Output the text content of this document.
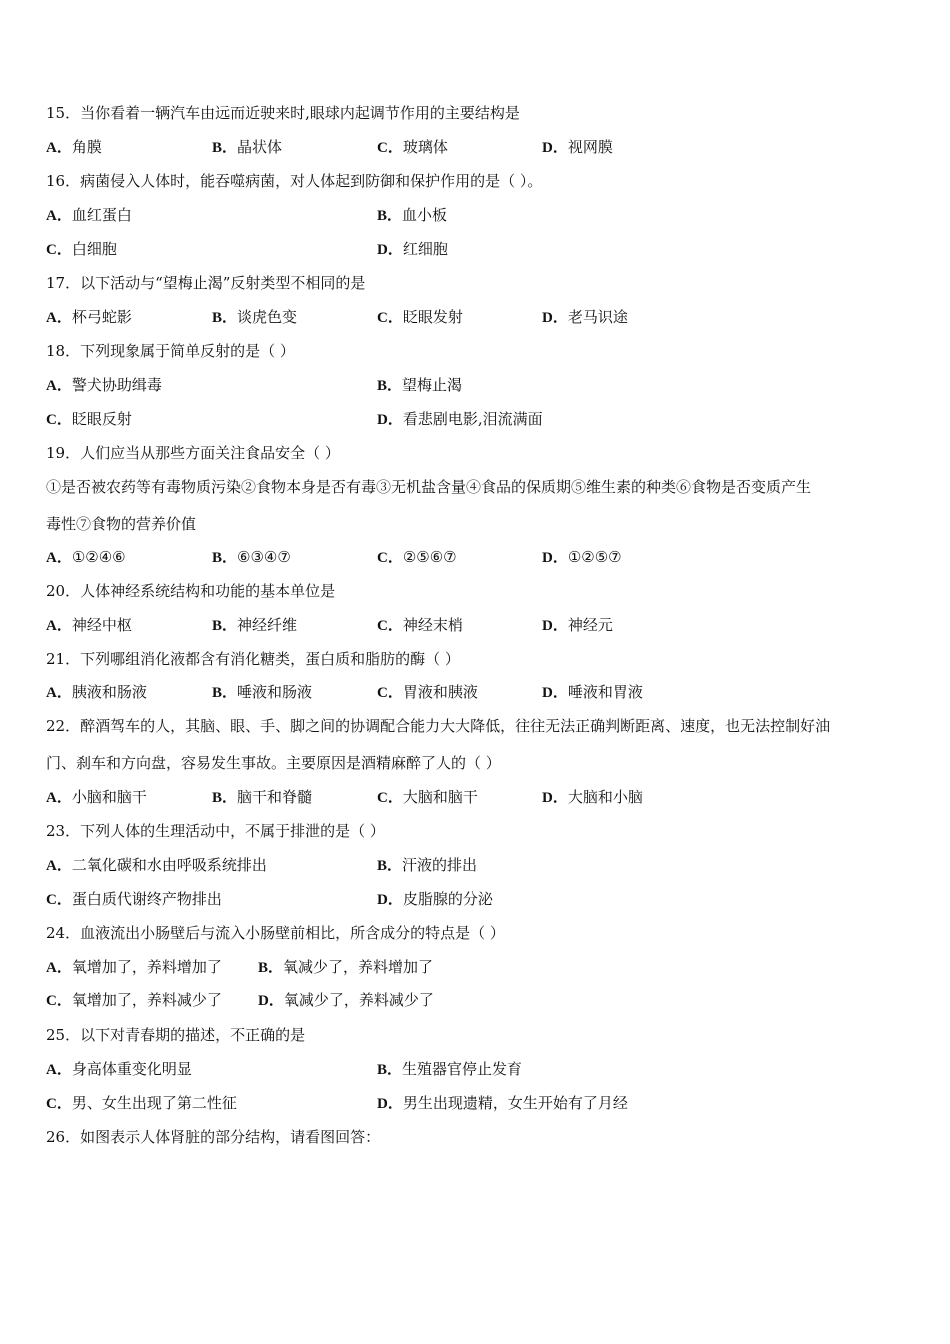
15．当你看着一辆汽车由远而近驶来时,眼球内起调节作用的主要结构是
A．角膜	B．晶状体	C．玻璃体	D．视网膜
16．病菌侵入人体时，能吞噬病菌，对人体起到防御和保护作用的是（ ）。
A．血红蛋白	B．血小板
C．白细胞	D．红细胞
17．以下活动与“望梅止渴”反射类型不相同的是
A．杯弓蛇影	B．谈虎色变	C．眨眼发射	D．老马识途
18．下列现象属于简单反射的是（ ）
A．警犬协助缉毒	B．望梅止渴
C．眨眼反射	D．看悲剧电影,泪流满面
19．人们应当从那些方面关注食品安全（ ）
①是否被农药等有毒物质污染②食物本身是否有毒③无机盐含量④食品的保质期⑤维生素的种类⑥食物是否变质产生
毒性⑦食物的营养价值
A．①②④⑥	B．⑥③④⑦	C．②⑤⑥⑦	D．①②⑤⑦
20．人体神经系统结构和功能的基本单位是
A．神经中枢	B．神经纤维	C．神经末梢	D．神经元
21．下列哪组消化液都含有消化糖类，蛋白质和脂肪的酶（ ）
A．胰液和肠液	B．唾液和肠液	C．胃液和胰液	D．唾液和胃液
22．醉酒驾车的人，其脑、眼、手、脚之间的协调配合能力大大降低，往往无法正确判断距离、速度，也无法控制好油
门、刹车和方向盘，容易发生事故。主要原因是酒精麻醉了人的（ ）
A．小脑和脑干	B．脑干和脊髓	C．大脑和脑干	D．大脑和小脑
23．下列人体的生理活动中，不属于排泄的是（ ）
A．二氧化碳和水由呼吸系统排出	B．汗液的排出
C．蛋白质代谢终产物排出	D．皮脂腺的分泌
24．血液流出小肠壁后与流入小肠壁前相比，所含成分的特点是（ ）
A．氧增加了，养料增加了 B．氧减少了，养料增加了
C．氧增加了，养料减少了 D．氧减少了，养料减少了
25．以下对青春期的描述，不正确的是
A．身高体重变化明显	B．生殖器官停止发育
C．男、女生出现了第二性征	D．男生出现遗精，女生开始有了月经
26．如图表示人体肾脏的部分结构，请看图回答：
